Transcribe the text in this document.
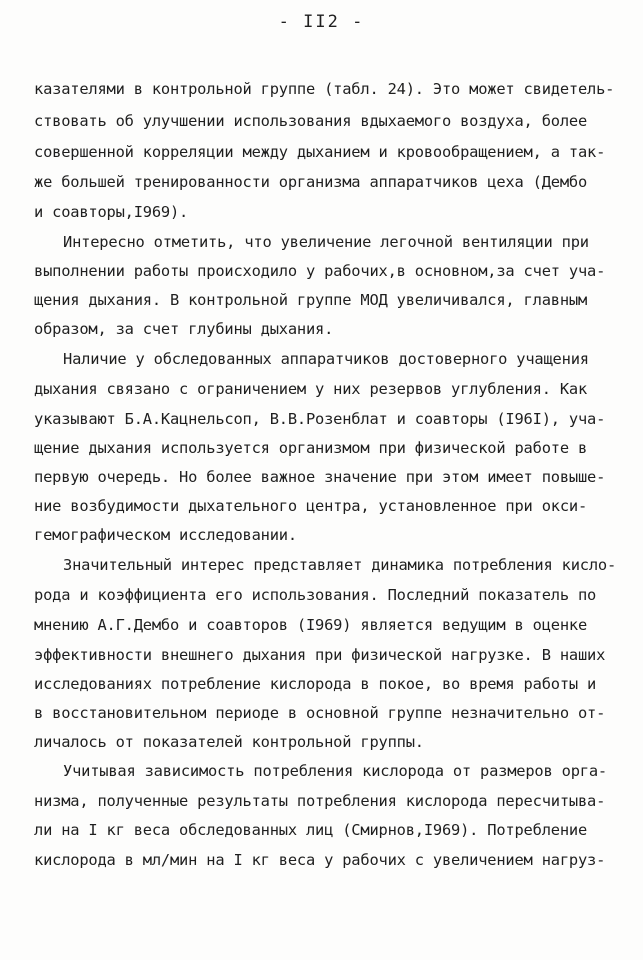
- II2 -
казателями в контрольной группе (табл. 24). Это может свидетель-
ствовать об улучшении использования вдыхаемого воздуха, более
совершенной корреляции между дыханием и кровообращением, а так-
же большей тренированности организма аппаратчиков цеха (Дембо
и соавторы,I969).
Интересно отметить, что увеличение легочной вентиляции при
выполнении работы происходило у рабочих,в основном,за счет уча-
щения дыхания. В контрольной группе МОД увеличивался, главным
образом, за счет глубины дыхания.
Наличие у обследованных аппаратчиков достоверного учащения
дыхания связано с ограничением у них резервов углубления. Как
указывают Б.А.Кацнельсоп, В.В.Розенблат и соавторы (I96I), уча-
щение дыхания используется организмом при физической работе в
первую очередь. Но более важное значение при этом имеет повыше-
ние возбудимости дыхательного центра, установленное при окси-
гемографическом исследовании.
Значительный интерес представляет динамика потребления кисло-
рода и коэффициента его использования. Последний показатель по
мнению А.Г.Дембо и соавторов (I969) является ведущим в оценке
эффективности внешнего дыхания при физической нагрузке. В наших
исследованиях потребление кислорода в покое, во время работы и
в восстановительном периоде в основной группе незначительно от-
личалось от показателей контрольной группы.
Учитывая зависимость потребления кислорода от размеров орга-
низма, полученные результаты потребления кислорода пересчитыва-
ли на I кг веса обследованных лиц (Смирнов,I969). Потребление
кислорода в мл/мин на I кг веса у рабочих с увеличением нагруз-
